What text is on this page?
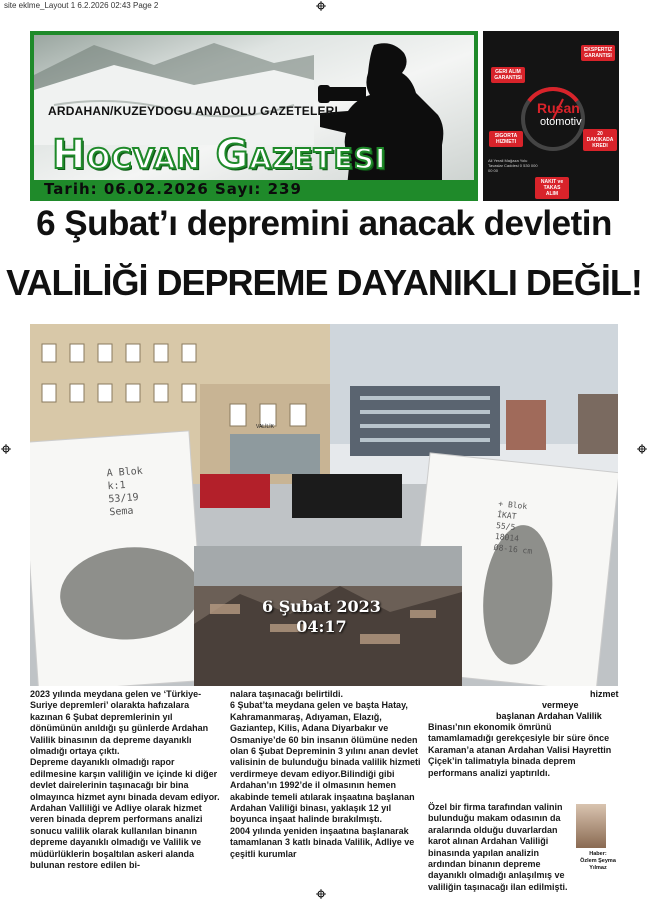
site eklme_Layout 1 6.2.2026 02:43 Page 2
ARDAHAN/KUZEYDOGU ANADOLU GAZETELERI
Hocvan Gazetesi
Tarih: 06.02.2026 Sayı: 239
GERI ALIM GARANTISI
EKSPERTIZ GARANTISI
SIGORTA HIZMETI
20 DAKIKADA KREDI
NAKIT ve TAKAS ALIM
Rusan
otomotiv
Ali Yerali Mağaza Yolu Tavaslar Caddesi 0 530 000 00 00
6 Şubat’ı depremini anacak devletin
VALİLİĞİ DEPREME DAYANIKLI DEĞİL!
A Blok
k:1
53/19
Sema
+ Blok
İKAT
55/5
18014
Ø8-16 cm
VALİLİK
6 Şubat 2023
04:17

2023 yılında meydana gelen ve ‘Türkiye-Suriye depremleri’ olarakta hafızalara kazınan 6 Şubat depremlerinin yıl dönümünün anıldığı şu günlerde Ardahan Valilik binasının da depreme dayanıklı olmadığı ortaya çıktı.

Depreme dayanıklı olmadığı rapor edilmesine karşın valiliğin ve içinde ki diğer devlet dairelerinin taşınacağı bir bina olmayınca hizmet aynı binada devam ediyor.

Ardahan Valliliği ve Adliye olarak hizmet veren binada deprem performans analizi sonucu valilik olarak kullanılan binanın depreme dayanıklı olmadığı ve Valilik ve müdürlüklerin boşaltılan askeri alanda bulunan restore edilen bi-

nalara taşınacağı belirtildi.

6 Şubat’ta meydana gelen ve başta Hatay, Kahramanmaraş, Adıyaman, Elazığ, Gaziantep, Kilis, Adana Diyarbakır ve Osmaniye’de 60 bin insanın ölümüne neden olan 6 Şubat Depreminin 3 yılını anan devlet valisinin de bulunduğu binada valilik hizmeti verdirmeye devam ediyor.Bilindiği gibi Ardahan’ın 1992’de il olmasının hemen akabinde temeli atılarak inşaatına başlanan Ardahan Valiliği binası, yaklaşık 12 yıl boyunca inşaat halinde bırakılmıştı.

2004 yılında yeniden inşaatına başlanarak tamamlanan 3 katlı binada Valilik, Adliye ve çeşitli kurumlar

hizmet
vermeye
başlanan Ardahan Valilik

Binası’nın ekonomik ömrünü tamamlamadığı gerekçesiyle bir süre önce Karaman’a atanan Ardahan Valisi Hayrettin Çiçek’in talimatıyla binada deprem performans analizi yaptırıldı.

Özel bir firma tarafından valinin bulunduğu makam odasının da aralarında olduğu duvarlardan karot alınan Ardahan Valiliği binasında yapılan analizin ardından binanın depreme dayanıklı olmadığı anlaşılmış ve valiliğin taşınacağı ilan edilmişti.

Haber:
Özlem Şeyma Yılmaz
